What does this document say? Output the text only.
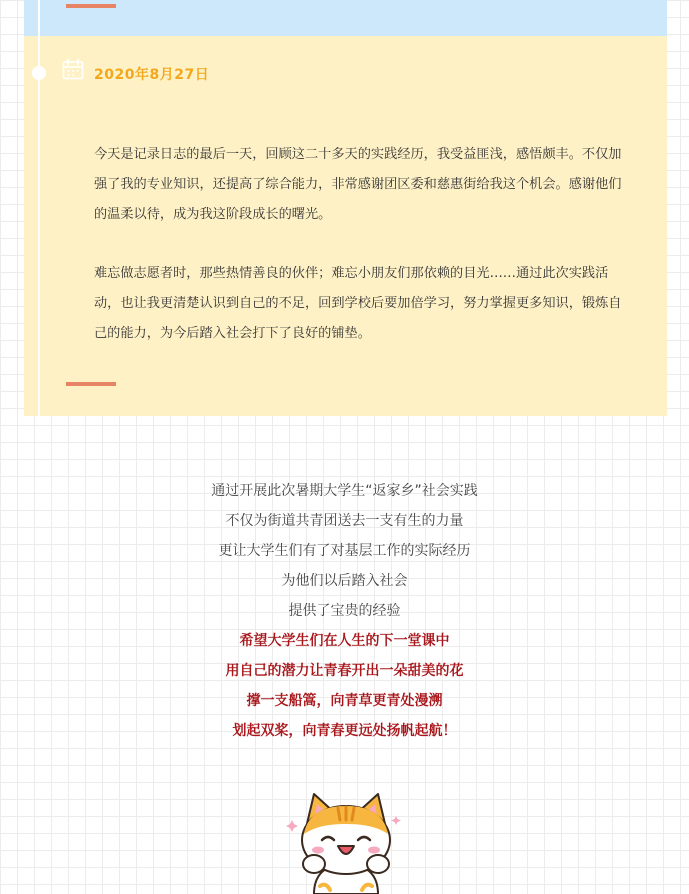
2020年8月27日

今天是记录日志的最后一天，回顾这二十多天的实践经历，我受益匪浅，感悟颇丰。不仅加强了我的专业知识，还提高了综合能力，非常感谢团区委和慈惠街给我这个机会。感谢他们的温柔以待，成为我这阶段成长的曙光。

难忘做志愿者时，那些热情善良的伙伴；难忘小朋友们那依赖的目光……通过此次实践活动，也让我更清楚认识到自己的不足，回到学校后要加倍学习，努力掌握更多知识，锻炼自己的能力，为今后踏入社会打下了良好的铺垫。

通过开展此次暑期大学生“返家乡”社会实践
不仅为街道共青团送去一支有生的力量
更让大学生们有了对基层工作的实际经历
为他们以后踏入社会
提供了宝贵的经验
希望大学生们在人生的下一堂课中
用自己的潜力让青春开出一朵甜美的花
撑一支船篙，向青草更青处漫溯
划起双桨，向青春更远处扬帆起航！
